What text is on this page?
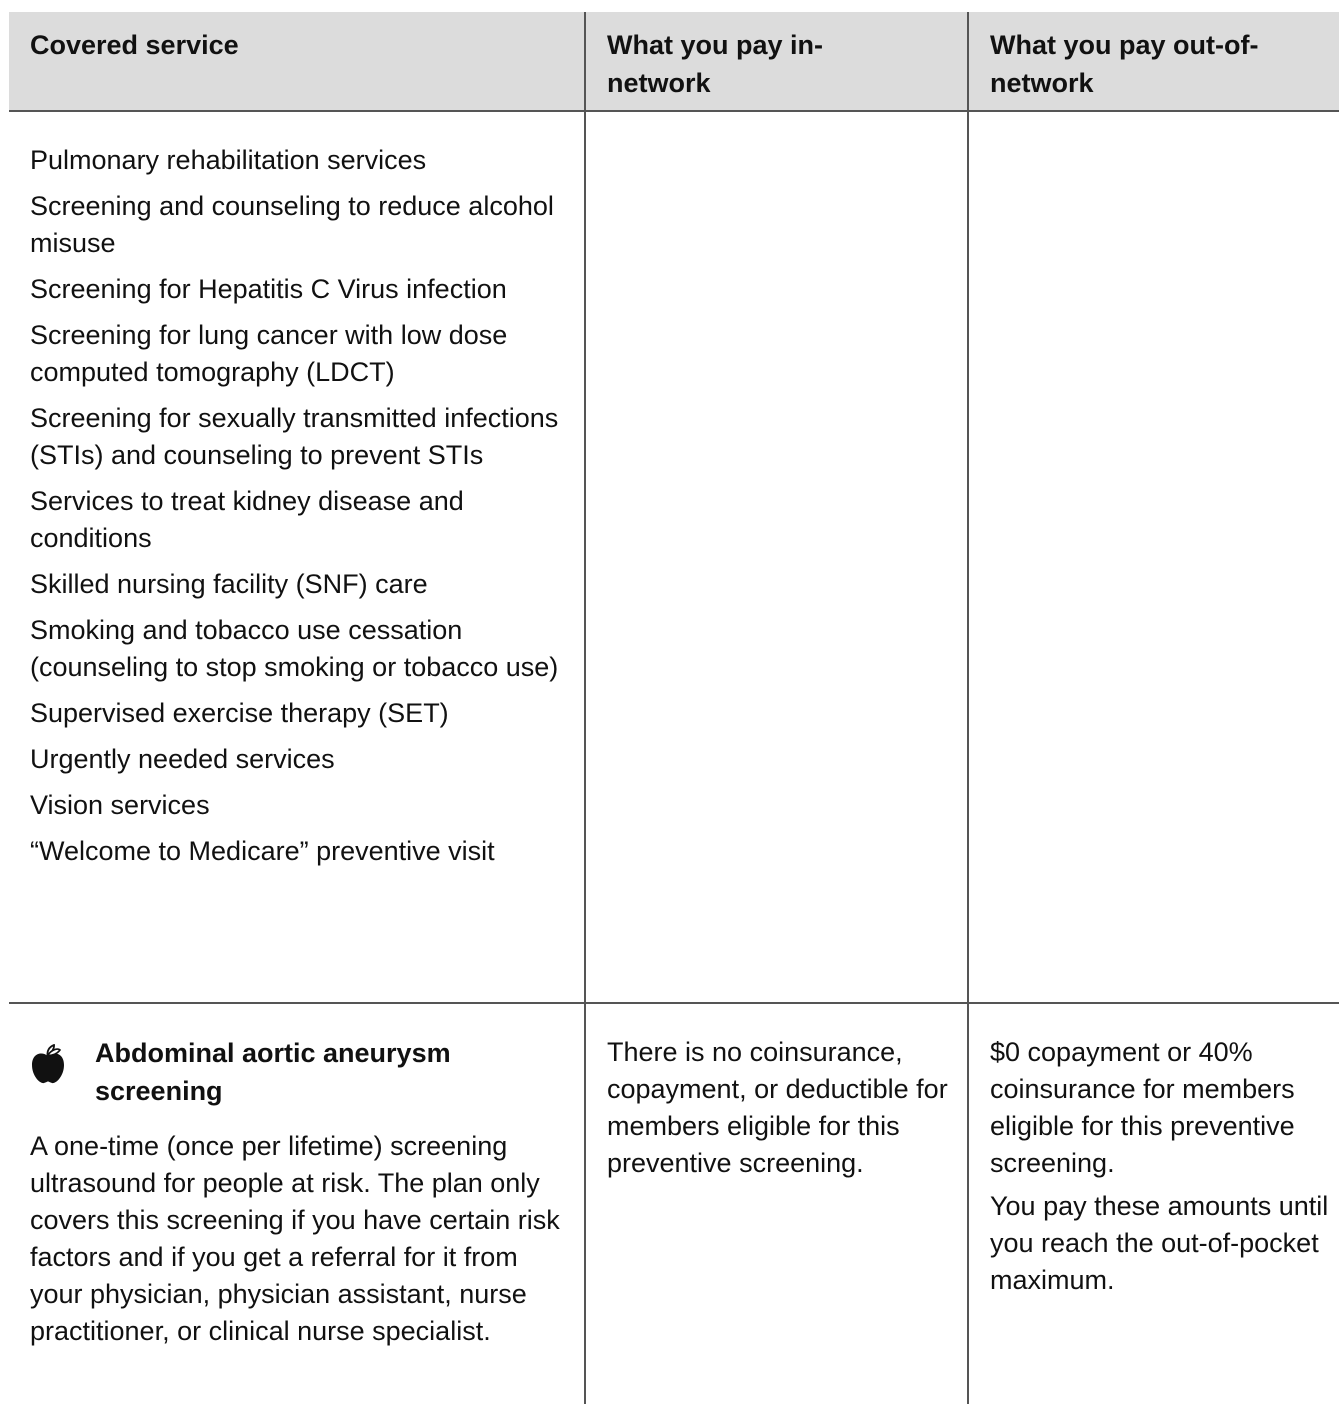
Covered service	What you pay in-
network
What you pay out-of-
network
Pulmonary rehabilitation services
Screening and counseling to reduce alcohol misuse
Screening for Hepatitis C Virus infection
Screening for lung cancer with low dose computed tomography (LDCT)
Screening for sexually transmitted infections (STIs) and counseling to prevent STIs
Services to treat kidney disease and conditions
Skilled nursing facility (SNF) care
Smoking and tobacco use cessation (counseling to stop smoking or tobacco use)
Supervised exercise therapy (SET)
Urgently needed services
Vision services
“Welcome to Medicare” preventive visit
Abdominal aortic aneurysm screening
A one-time (once per lifetime) screening ultrasound for people at risk. The plan only covers this screening if you have certain risk factors and if you get a referral for it from your physician, physician assistant, nurse practitioner, or clinical nurse specialist.

There is no coinsurance, copayment, or deductible for members eligible for this preventive screening.

$0 copayment or 40% coinsurance for members eligible for this preventive screening.

You pay these amounts until you reach the out-of-pocket maximum.
